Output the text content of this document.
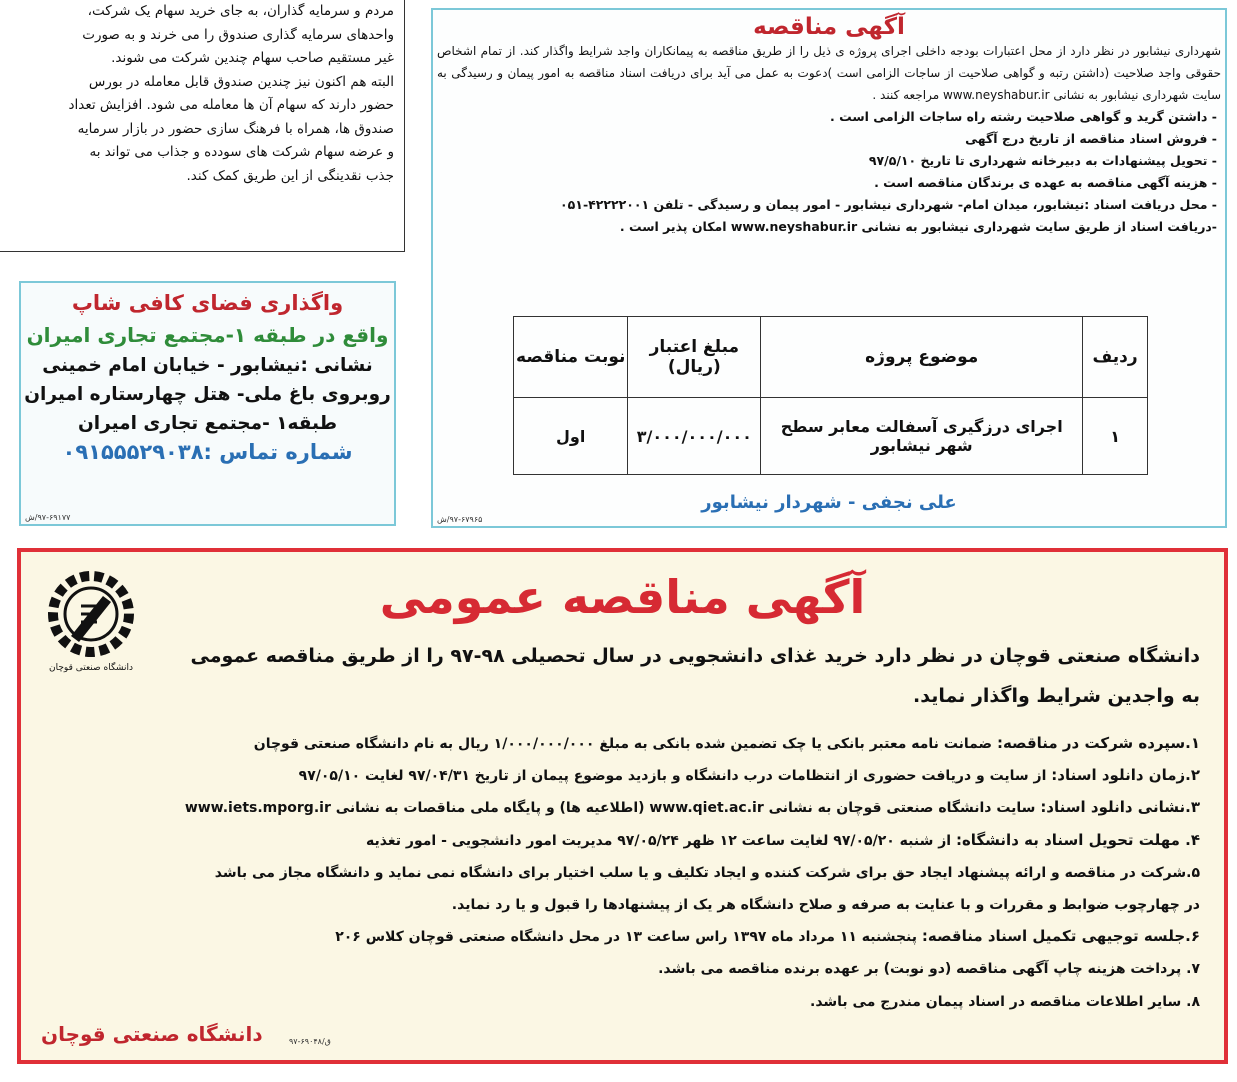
مردم و سرمایه گذاران، به جای خرید سهام یک شرکت،

واحدهای سرمایه گذاری صندوق را می خرند و به صورت

غیر مستقیم صاحب سهام چندین شرکت می شوند.

البته هم اکنون نیز چندین صندوق قابل معامله در بورس

حضور دارند که سهام آن ها معامله می شود. افزایش تعداد

صندوق ها، همراه با فرهنگ سازی حضور در بازار سرمایه

و عرضه سهام شرکت های سودده و جذاب می تواند به

جذب نقدینگی از این طریق کمک کند.

واگذاری فضای کافی شاپ
واقع در طبقه ۱-مجتمع تجاری امیران
نشانی :نیشابور - خیابان امام خمینی
روبروی باغ ملی- هتل چهارستاره امیران
طبقه۱ -مجتمع تجاری امیران
شماره تماس :۰۹۱۵۵۵۲۹۰۳۸
۹۷-۶۹۱۷۷/ش
آگهی مناقصه
شهرداری نیشابور در نظر دارد از محل اعتبارات بودجه داخلی اجرای پروژه ی ذیل را از طریق مناقصه به پیمانکاران واجد شرایط واگذار کند. از تمام اشخاص حقوقی واجد صلاحیت (داشتن رتبه و گواهی صلاحیت از ساجات الزامی است )دعوت به عمل می آید برای دریافت اسناد مناقصه به امور پیمان و رسیدگی به سایت شهرداری نیشابور به نشانی www.neyshabur.ir مراجعه کنند .
- داشتن گرید و گواهی صلاحیت رشته راه ساجات الزامی است .
- فروش اسناد مناقصه از تاریخ درج آگهی
- تحویل پیشنهادات به دبیرخانه شهرداری تا تاریخ ۹۷/۵/۱۰
- هزینه آگهی مناقصه به عهده ی برندگان مناقصه است .
- محل دریافت اسناد :نیشابور، میدان امام- شهرداری نیشابور - امور پیمان و رسیدگی - تلفن ۴۲۲۲۲۰۰۱-۰۵۱
-دریافت اسناد از طریق سایت شهرداری نیشابور به نشانی www.neyshabur.ir امکان پذیر است .
ردیف	موضوع پروژه	مبلغ اعتبار (ریال)	نوبت مناقصه
۱	اجرای درزگیری آسفالت معابر سطح شهر نیشابور	۳/۰۰۰/۰۰۰/۰۰۰	اول
علی نجفی - شهردار نیشابور
۹۷-۶۷۹۶۵/ش
دانشگاه صنعتی قوچان
آگهی مناقصه عمومی
دانشگاه صنعتی قوچان در نظر دارد خرید غذای دانشجویی در سال تحصیلی ۹۸-۹۷ را از طریق مناقصه عمومی به واجدین شرایط واگذار نماید.
۱.سپرده شرکت در مناقصه: ضمانت نامه معتبر بانکی یا چک تضمین شده بانکی به مبلغ ۱/۰۰۰/۰۰۰/۰۰۰ ریال به نام دانشگاه صنعتی قوچان
۲.زمان دانلود اسناد: از سایت و دریافت حضوری از انتظامات درب دانشگاه و بازدید موضوع پیمان از تاریخ ۹۷/۰۴/۳۱ لغایت ۹۷/۰۵/۱۰
۳.نشانی دانلود اسناد: سایت دانشگاه صنعتی قوچان به نشانی www.qiet.ac.ir (اطلاعیه ها) و پایگاه ملی مناقصات به نشانی www.iets.mporg.ir
۴. مهلت تحویل اسناد به دانشگاه: از شنبه ۹۷/۰۵/۲۰ لغایت ساعت ۱۲ ظهر ۹۷/۰۵/۲۴ مدیریت امور دانشجویی - امور تغذیه
۵.شرکت در مناقصه و ارائه پیشنهاد ایجاد حق برای شرکت کننده و ایجاد تکلیف و یا سلب اختیار برای دانشگاه نمی نماید و دانشگاه مجاز می باشد
در چهارچوب ضوابط و مقررات و با عنایت به صرفه و صلاح دانشگاه هر یک از پیشنهادها را قبول و یا رد نماید.
۶.جلسه توجیهی تکمیل اسناد مناقصه: پنجشنبه ۱۱ مرداد ماه ۱۳۹۷ راس ساعت ۱۳ در محل دانشگاه صنعتی قوچان کلاس ۲۰۶
۷. پرداخت هزینه چاپ آگهی مناقصه (دو نوبت) بر عهده برنده مناقصه می باشد.
۸. سایر اطلاعات مناقصه در اسناد پیمان مندرج می باشد.
دانشگاه صنعتی قوچان	۹۷-۶۹۰۴۸/ق
